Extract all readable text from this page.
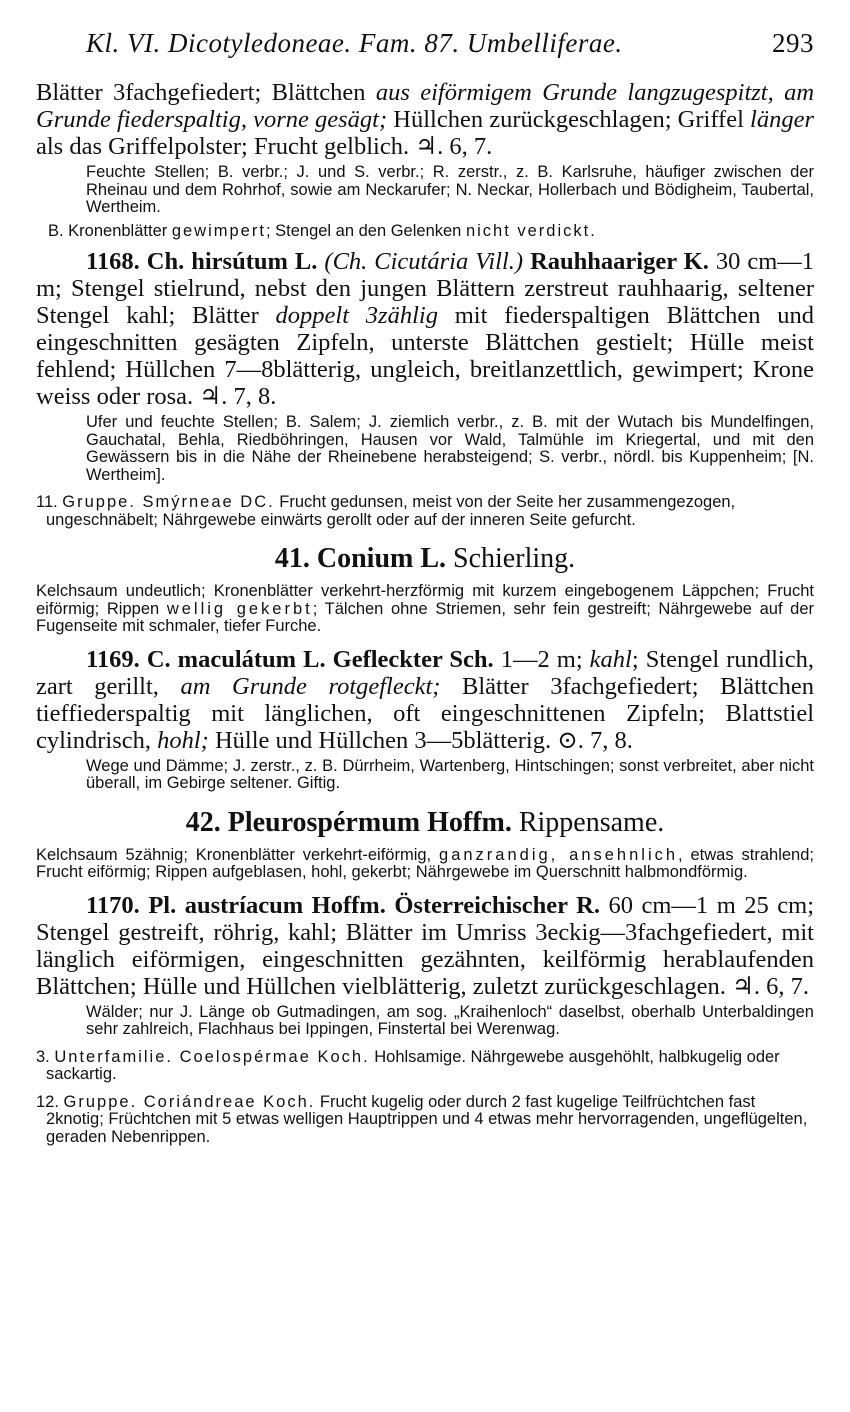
Kl. VI. Dicotyledoneae. Fam. 87. Umbelliferae.	293

Blätter 3fachgefiedert; Blättchen aus eiförmigem Grunde langzugespitzt, am Grunde fiederspaltig, vorne gesägt; Hüllchen zurückgeschlagen; Griffel länger als das Griffelpolster; Frucht gelblich. ♃. 6, 7.

Feuchte Stellen; B. verbr.; J. und S. verbr.; R. zerstr., z. B. Karlsruhe, häufiger zwischen der Rheinau und dem Rohrhof, sowie am Neckarufer; N. Neckar, Hollerbach und Bödigheim, Taubertal, Wertheim.

B. Kronenblätter gewimpert; Stengel an den Gelenken nicht verdickt.

1168. Ch. hirsútum L. (Ch. Cicutária Vill.) Rauhhaariger K. 30 cm—1 m; Stengel stielrund, nebst den jungen Blättern zerstreut rauhhaarig, seltener Stengel kahl; Blätter doppelt 3zählig mit fiederspaltigen Blättchen und eingeschnitten gesägten Zipfeln, unterste Blättchen gestielt; Hülle meist fehlend; Hüllchen 7—8blätterig, ungleich, breitlanzettlich, gewimpert; Krone weiss oder rosa. ♃. 7, 8.

Ufer und feuchte Stellen; B. Salem; J. ziemlich verbr., z. B. mit der Wutach bis Mundelfingen, Gauchatal, Behla, Riedböhringen, Hausen vor Wald, Talmühle im Kriegertal, und mit den Gewässern bis in die Nähe der Rheinebene herabsteigend; S. verbr., nördl. bis Kuppenheim; [N. Wertheim].

11. Gruppe. Smýrneae DC. Frucht gedunsen, meist von der Seite her zusammengezogen, ungeschnäbelt; Nährgewebe einwärts gerollt oder auf der inneren Seite gefurcht.

41. Conium L. Schierling.

Kelchsaum undeutlich; Kronenblätter verkehrt-herzförmig mit kurzem eingebogenem Läppchen; Frucht eiförmig; Rippen wellig gekerbt; Tälchen ohne Striemen, sehr fein gestreift; Nährgewebe auf der Fugenseite mit schmaler, tiefer Furche.

1169. C. maculátum L. Gefleckter Sch. 1—2 m; kahl; Stengel rundlich, zart gerillt, am Grunde rotgefleckt; Blätter 3fachgefiedert; Blättchen tieffiederspaltig mit länglichen, oft eingeschnittenen Zipfeln; Blattstiel cylindrisch, hohl; Hülle und Hüllchen 3—5blätterig. ⊙. 7, 8.

Wege und Dämme; J. zerstr., z. B. Dürrheim, Wartenberg, Hintschingen; sonst verbreitet, aber nicht überall, im Gebirge seltener. Giftig.

42. Pleurospérmum Hoffm. Rippensame.

Kelchsaum 5zähnig; Kronenblätter verkehrt-eiförmig, ganzrandig, ansehnlich, etwas strahlend; Frucht eiförmig; Rippen aufgeblasen, hohl, gekerbt; Nährgewebe im Querschnitt halbmondförmig.

1170. Pl. austríacum Hoffm. Österreichischer R. 60 cm—1 m 25 cm; Stengel gestreift, röhrig, kahl; Blätter im Umriss 3eckig—3fachgefiedert, mit länglich eiförmigen, eingeschnitten gezähnten, keilförmig herablaufenden Blättchen; Hülle und Hüllchen vielblätterig, zuletzt zurückgeschlagen. ♃. 6, 7.

Wälder; nur J. Länge ob Gutmadingen, am sog. „Kraihenloch“ daselbst, oberhalb Unterbaldingen sehr zahlreich, Flachhaus bei Ippingen, Finstertal bei Werenwag.

3. Unterfamilie. Coelospérmae Koch. Hohlsamige. Nährgewebe ausgehöhlt, halbkugelig oder sackartig.

12. Gruppe. Coriándreae Koch. Frucht kugelig oder durch 2 fast kugelige Teilfrüchtchen fast 2knotig; Früchtchen mit 5 etwas welligen Hauptrippen und 4 etwas mehr hervorragenden, ungeflügelten, geraden Nebenrippen.
